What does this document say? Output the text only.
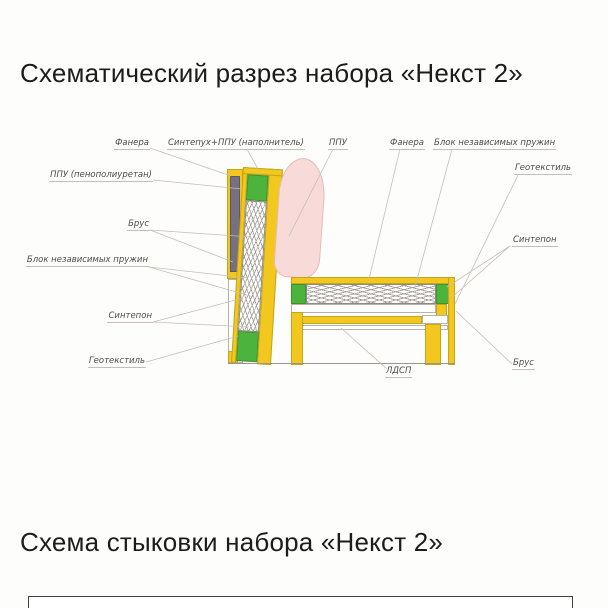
Схематический разрез набора «Некст 2»
Фанера Синтепух+ППУ (наполнитель)	ППУ	Фанера Блок независимых пружин
Геотекстиль
ППУ (пенополиуретан)
Брус
Блок независимых пружин
Синтепон
Геотекстиль
Синтепон
Брус
ЛДСП
Схема стыковки набора «Некст 2»
